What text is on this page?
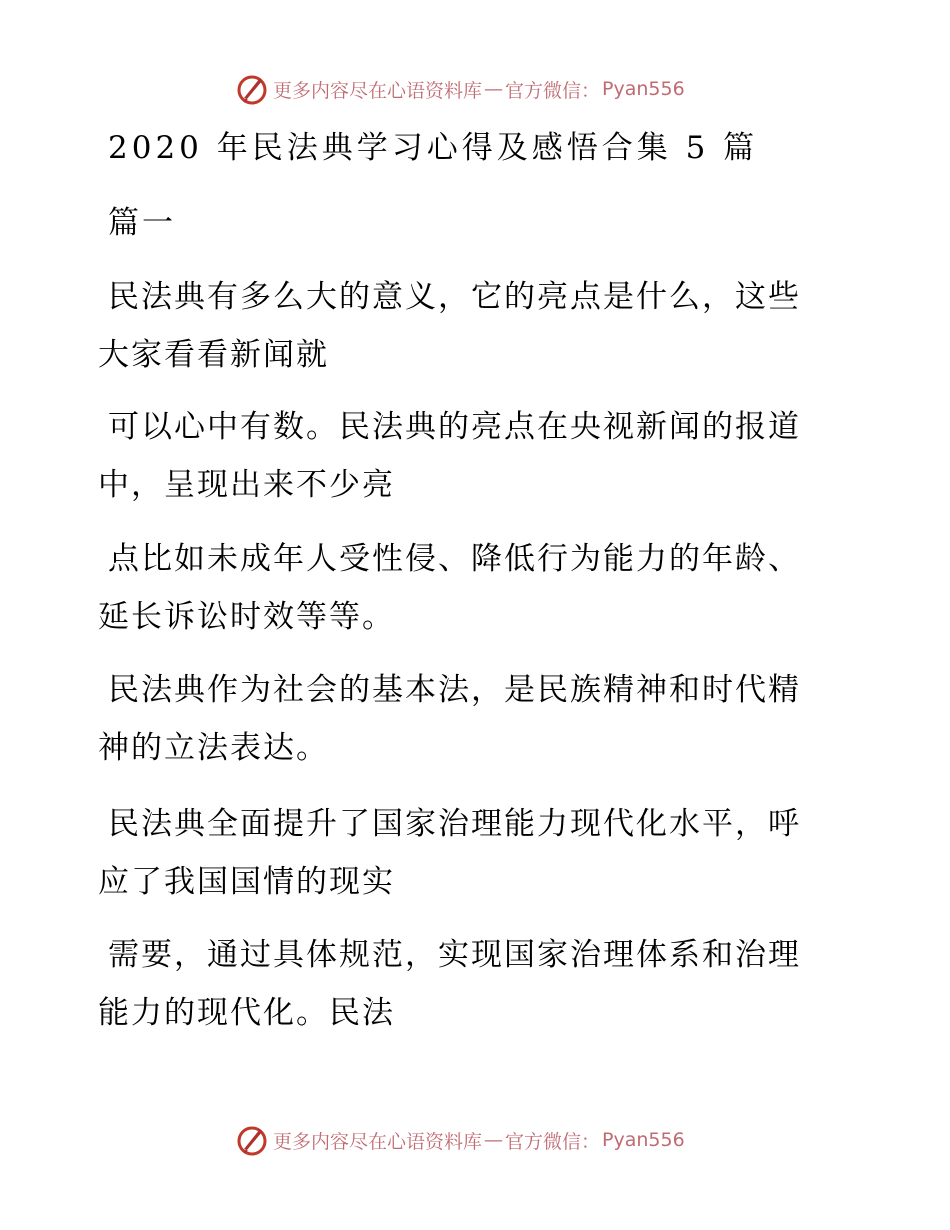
更多内容尽在心语资料库 — 官方微信： Pyan556
2020 年民法典学习心得及感悟合集 5 篇
篇一
民法典有多么大的意义，它的亮点是什么，这些
大家看看新闻就
可以心中有数。民法典的亮点在央视新闻的报道
中，呈现出来不少亮
点比如未成年人受性侵、降低行为能力的年龄、
延长诉讼时效等等。
民法典作为社会的基本法，是民族精神和时代精
神的立法表达。
民法典全面提升了国家治理能力现代化水平，呼
应了我国国情的现实
需要，通过具体规范，实现国家治理体系和治理
能力的现代化。民法
更多内容尽在心语资料库 — 官方微信： Pyan556
